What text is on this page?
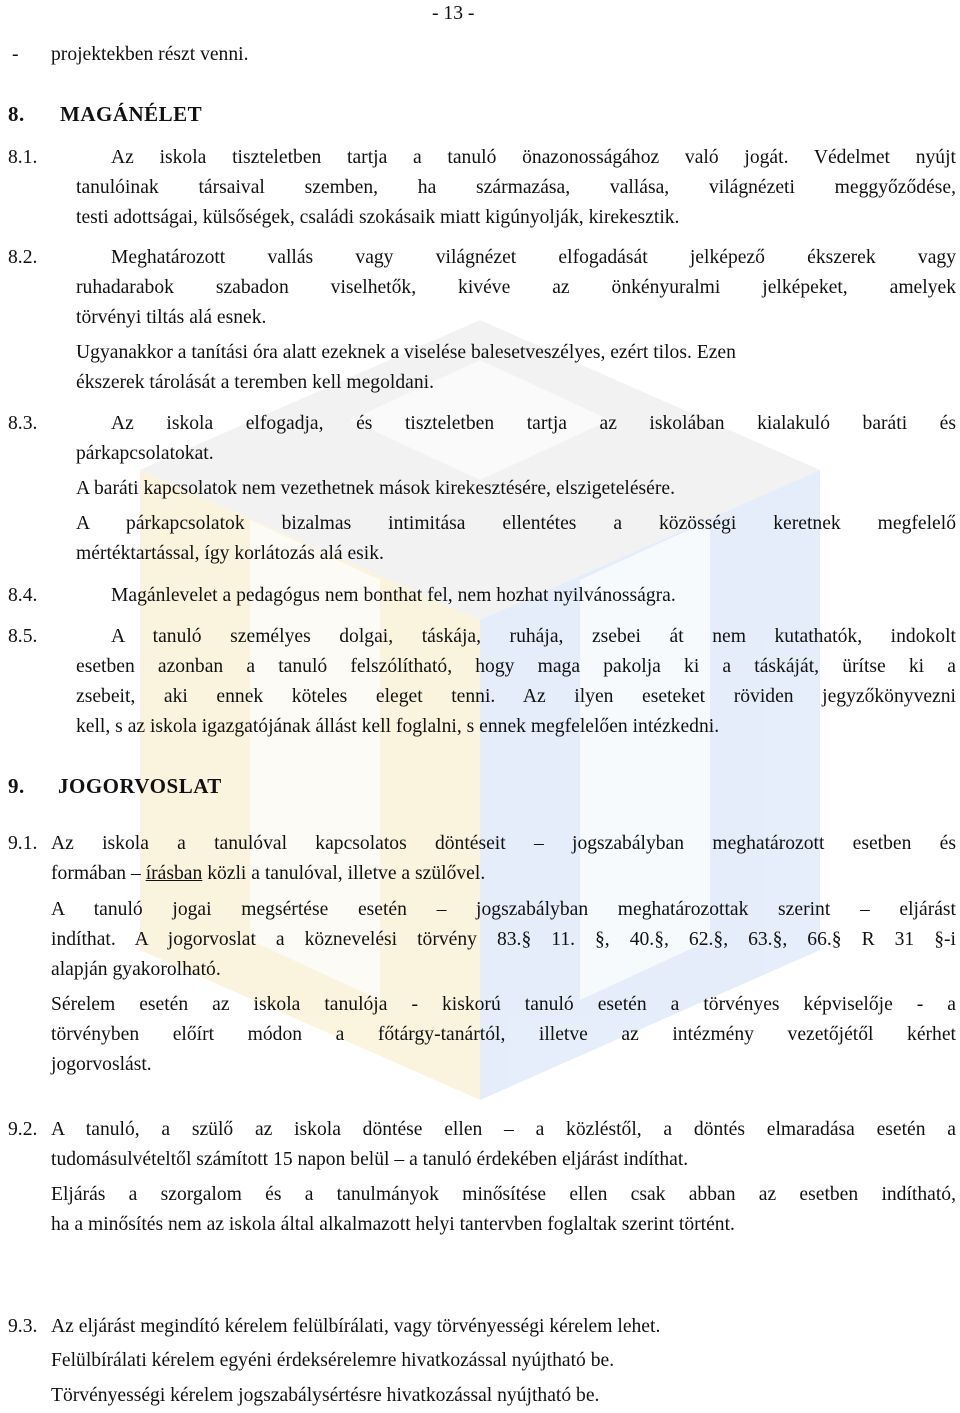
- 13 -
- projektekben részt venni.
8. MAGÁNÉLET
8.1.	Az iskola tiszteletben tartja a tanuló önazonosságához való jogát. Védelmet nyújt
tanulóinak társaival szemben, ha származása, vallása, világnézeti meggyőződése,
testi adottságai, külsőségek, családi szokásaik miatt kigúnyolják, kirekesztik.
8.2.	Meghatározott vallás vagy világnézet elfogadását jelképező ékszerek vagy
ruhadarabok szabadon viselhetők, kivéve az önkényuralmi jelképeket, amelyek
törvényi tiltás alá esnek.
Ugyanakkor a tanítási óra alatt ezeknek a viselése balesetveszélyes, ezért tilos. Ezen
ékszerek tárolását a teremben kell megoldani.
8.3.	Az iskola elfogadja, és tiszteletben tartja az iskolában kialakuló baráti és
párkapcsolatokat.
A baráti kapcsolatok nem vezethetnek mások kirekesztésére, elszigetelésére.
A párkapcsolatok bizalmas intimitása ellentétes a közösségi keretnek megfelelő
mértéktartással, így korlátozás alá esik.
8.4.	Magánlevelet a pedagógus nem bonthat fel, nem hozhat nyilvánosságra.
8.5.	A tanuló személyes dolgai, táskája, ruhája, zsebei át nem kutathatók, indokolt
esetben azonban a tanuló felszólítható, hogy maga pakolja ki a táskáját, ürítse ki a
zsebeit, aki ennek köteles eleget tenni. Az ilyen eseteket röviden jegyzőkönyvezni
kell, s az iskola igazgatójának állást kell foglalni, s ennek megfelelően intézkedni.
9. JOGORVOSLAT
9.1. Az iskola a tanulóval kapcsolatos döntéseit – jogszabályban meghatározott esetben és
formában – írásban közli a tanulóval, illetve a szülővel.
A tanuló jogai megsértése esetén – jogszabályban meghatározottak szerint – eljárást
indíthat. A jogorvoslat a köznevelési törvény 83.§ 11. §, 40.§, 62.§, 63.§, 66.§ R 31 §-i
alapján gyakorolható.
Sérelem esetén az iskola tanulója - kiskorú tanuló esetén a törvényes képviselője - a
törvényben előírt módon a főtárgy-tanártól, illetve az intézmény vezetőjétől kérhet
jogorvoslást.
9.2. A tanuló, a szülő az iskola döntése ellen – a közléstől, a döntés elmaradása esetén a
tudomásulvételtől számított 15 napon belül – a tanuló érdekében eljárást indíthat.
Eljárás a szorgalom és a tanulmányok minősítése ellen csak abban az esetben indítható,
ha a minősítés nem az iskola által alkalmazott helyi tantervben foglaltak szerint történt.
9.3. Az eljárást megindító kérelem felülbírálati, vagy törvényességi kérelem lehet.
Felülbírálati kérelem egyéni érdeksérelemre hivatkozással nyújtható be.
Törvényességi kérelem jogszabálysértésre hivatkozással nyújtható be.
